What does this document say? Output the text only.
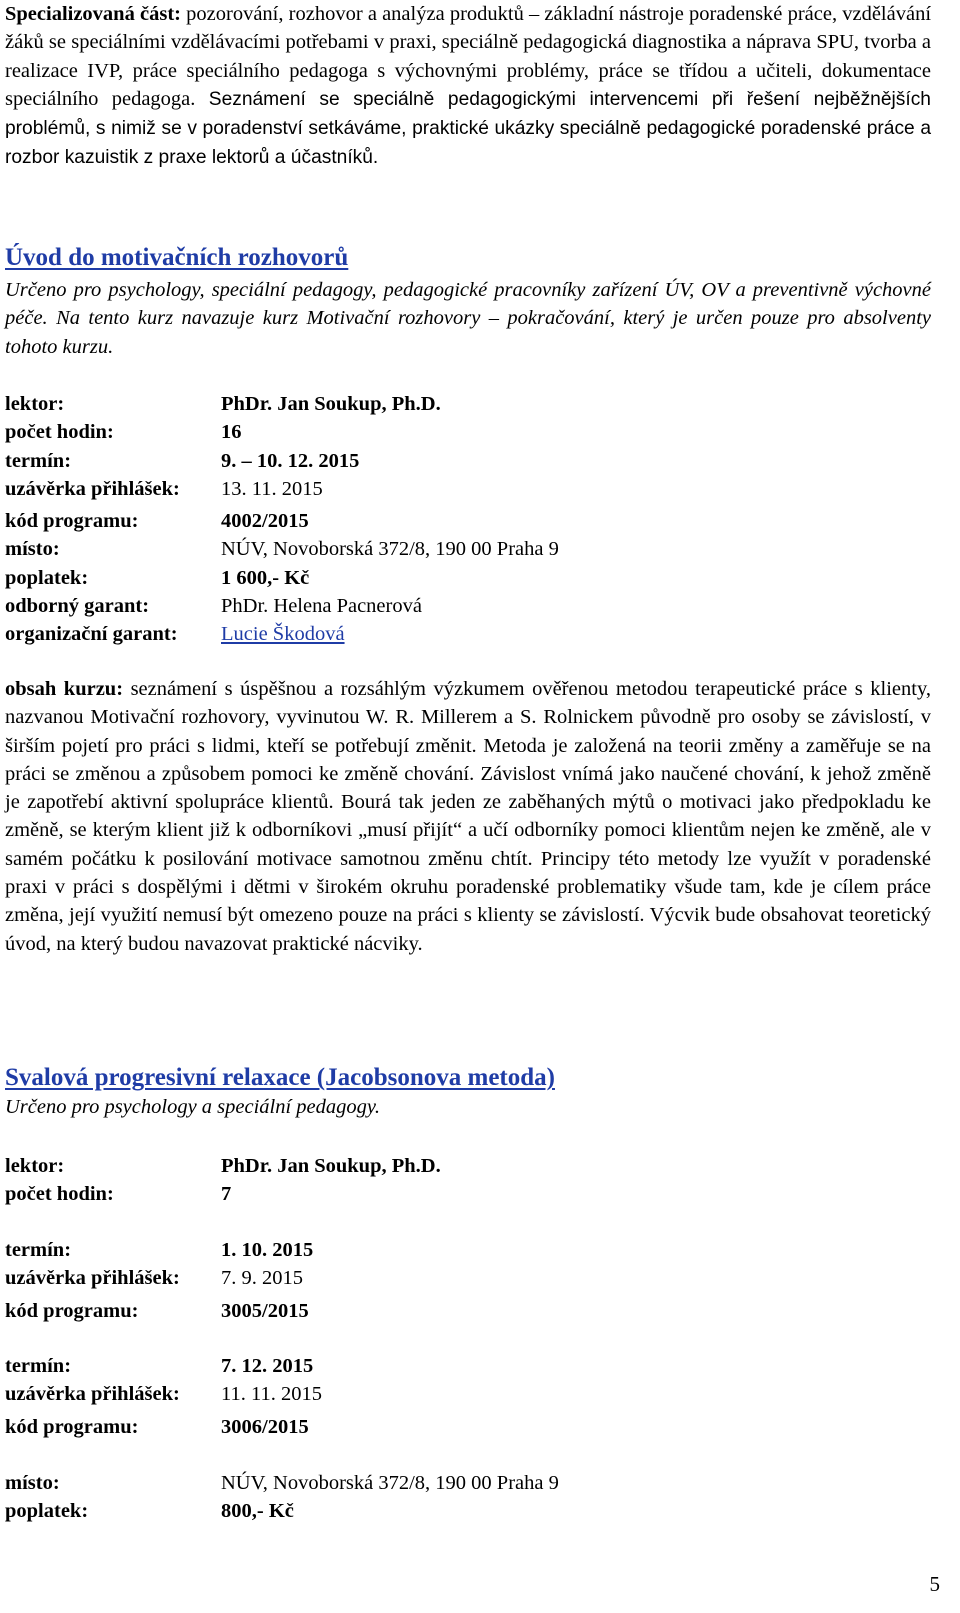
Specializovaná část: pozorování, rozhovor a analýza produktů – základní nástroje poradenské práce, vzdělávání žáků se speciálními vzdělávacími potřebami v praxi, speciálně pedagogická diagnostika a náprava SPU, tvorba a realizace IVP, práce speciálního pedagoga s výchovnými problémy, práce se třídou a učiteli, dokumentace speciálního pedagoga. Seznámení se speciálně pedagogickými intervencemi při řešení nejběžnějších problémů, s nimiž se v poradenství setkáváme, praktické ukázky speciálně pedagogické poradenské práce a rozbor kazuistik z praxe lektorů a účastníků.
Úvod do motivačních rozhovorů
Určeno pro psychology, speciální pedagogy, pedagogické pracovníky zařízení ÚV, OV a preventivně výchovné péče. Na tento kurz navazuje kurz Motivační rozhovory – pokračování, který je určen pouze pro absolventy tohoto kurzu.
lektor:	PhDr. Jan Soukup, Ph.D.
počet hodin:	16
termín:	9. – 10. 12. 2015
uzávěrka přihlášek: 13. 11. 2015
kód programu:	4002/2015
místo:	NÚV, Novoborská 372/8, 190 00 Praha 9
poplatek:	1 600,- Kč
odborný garant:	PhDr. Helena Pacnerová
organizační garant: Lucie Škodová
obsah kurzu: seznámení s úspěšnou a rozsáhlým výzkumem ověřenou metodou terapeutické práce s klienty, nazvanou Motivační rozhovory, vyvinutou W. R. Millerem a S. Rolnickem původně pro osoby se závislostí, v širším pojetí pro práci s lidmi, kteří se potřebují změnit. Metoda je založená na teorii změny a zaměřuje se na práci se změnou a způsobem pomoci ke změně chování. Závislost vnímá jako naučené chování, k jehož změně je zapotřebí aktivní spolupráce klientů. Bourá tak jeden ze zaběhaných mýtů o motivaci jako předpokladu ke změně, se kterým klient již k odborníkovi „musí přijít“ a učí odborníky pomoci klientům nejen ke změně, ale v samém počátku k posilování motivace samotnou změnu chtít. Principy této metody lze využít v poradenské praxi v práci s dospělými i dětmi v širokém okruhu poradenské problematiky všude tam, kde je cílem práce změna, její využití nemusí být omezeno pouze na práci s klienty se závislostí. Výcvik bude obsahovat teoretický úvod, na který budou navazovat praktické nácviky.
Svalová progresivní relaxace (Jacobsonova metoda)
Určeno pro psychology a speciální pedagogy.
lektor:	PhDr. Jan Soukup, Ph.D.
počet hodin:	7
termín:	1. 10. 2015
uzávěrka přihlášek: 7. 9. 2015
kód programu:	3005/2015
termín:	7. 12. 2015
uzávěrka přihlášek: 11. 11. 2015
kód programu:	3006/2015
místo:	NÚV, Novoborská 372/8, 190 00 Praha 9
poplatek:	800,- Kč
5
